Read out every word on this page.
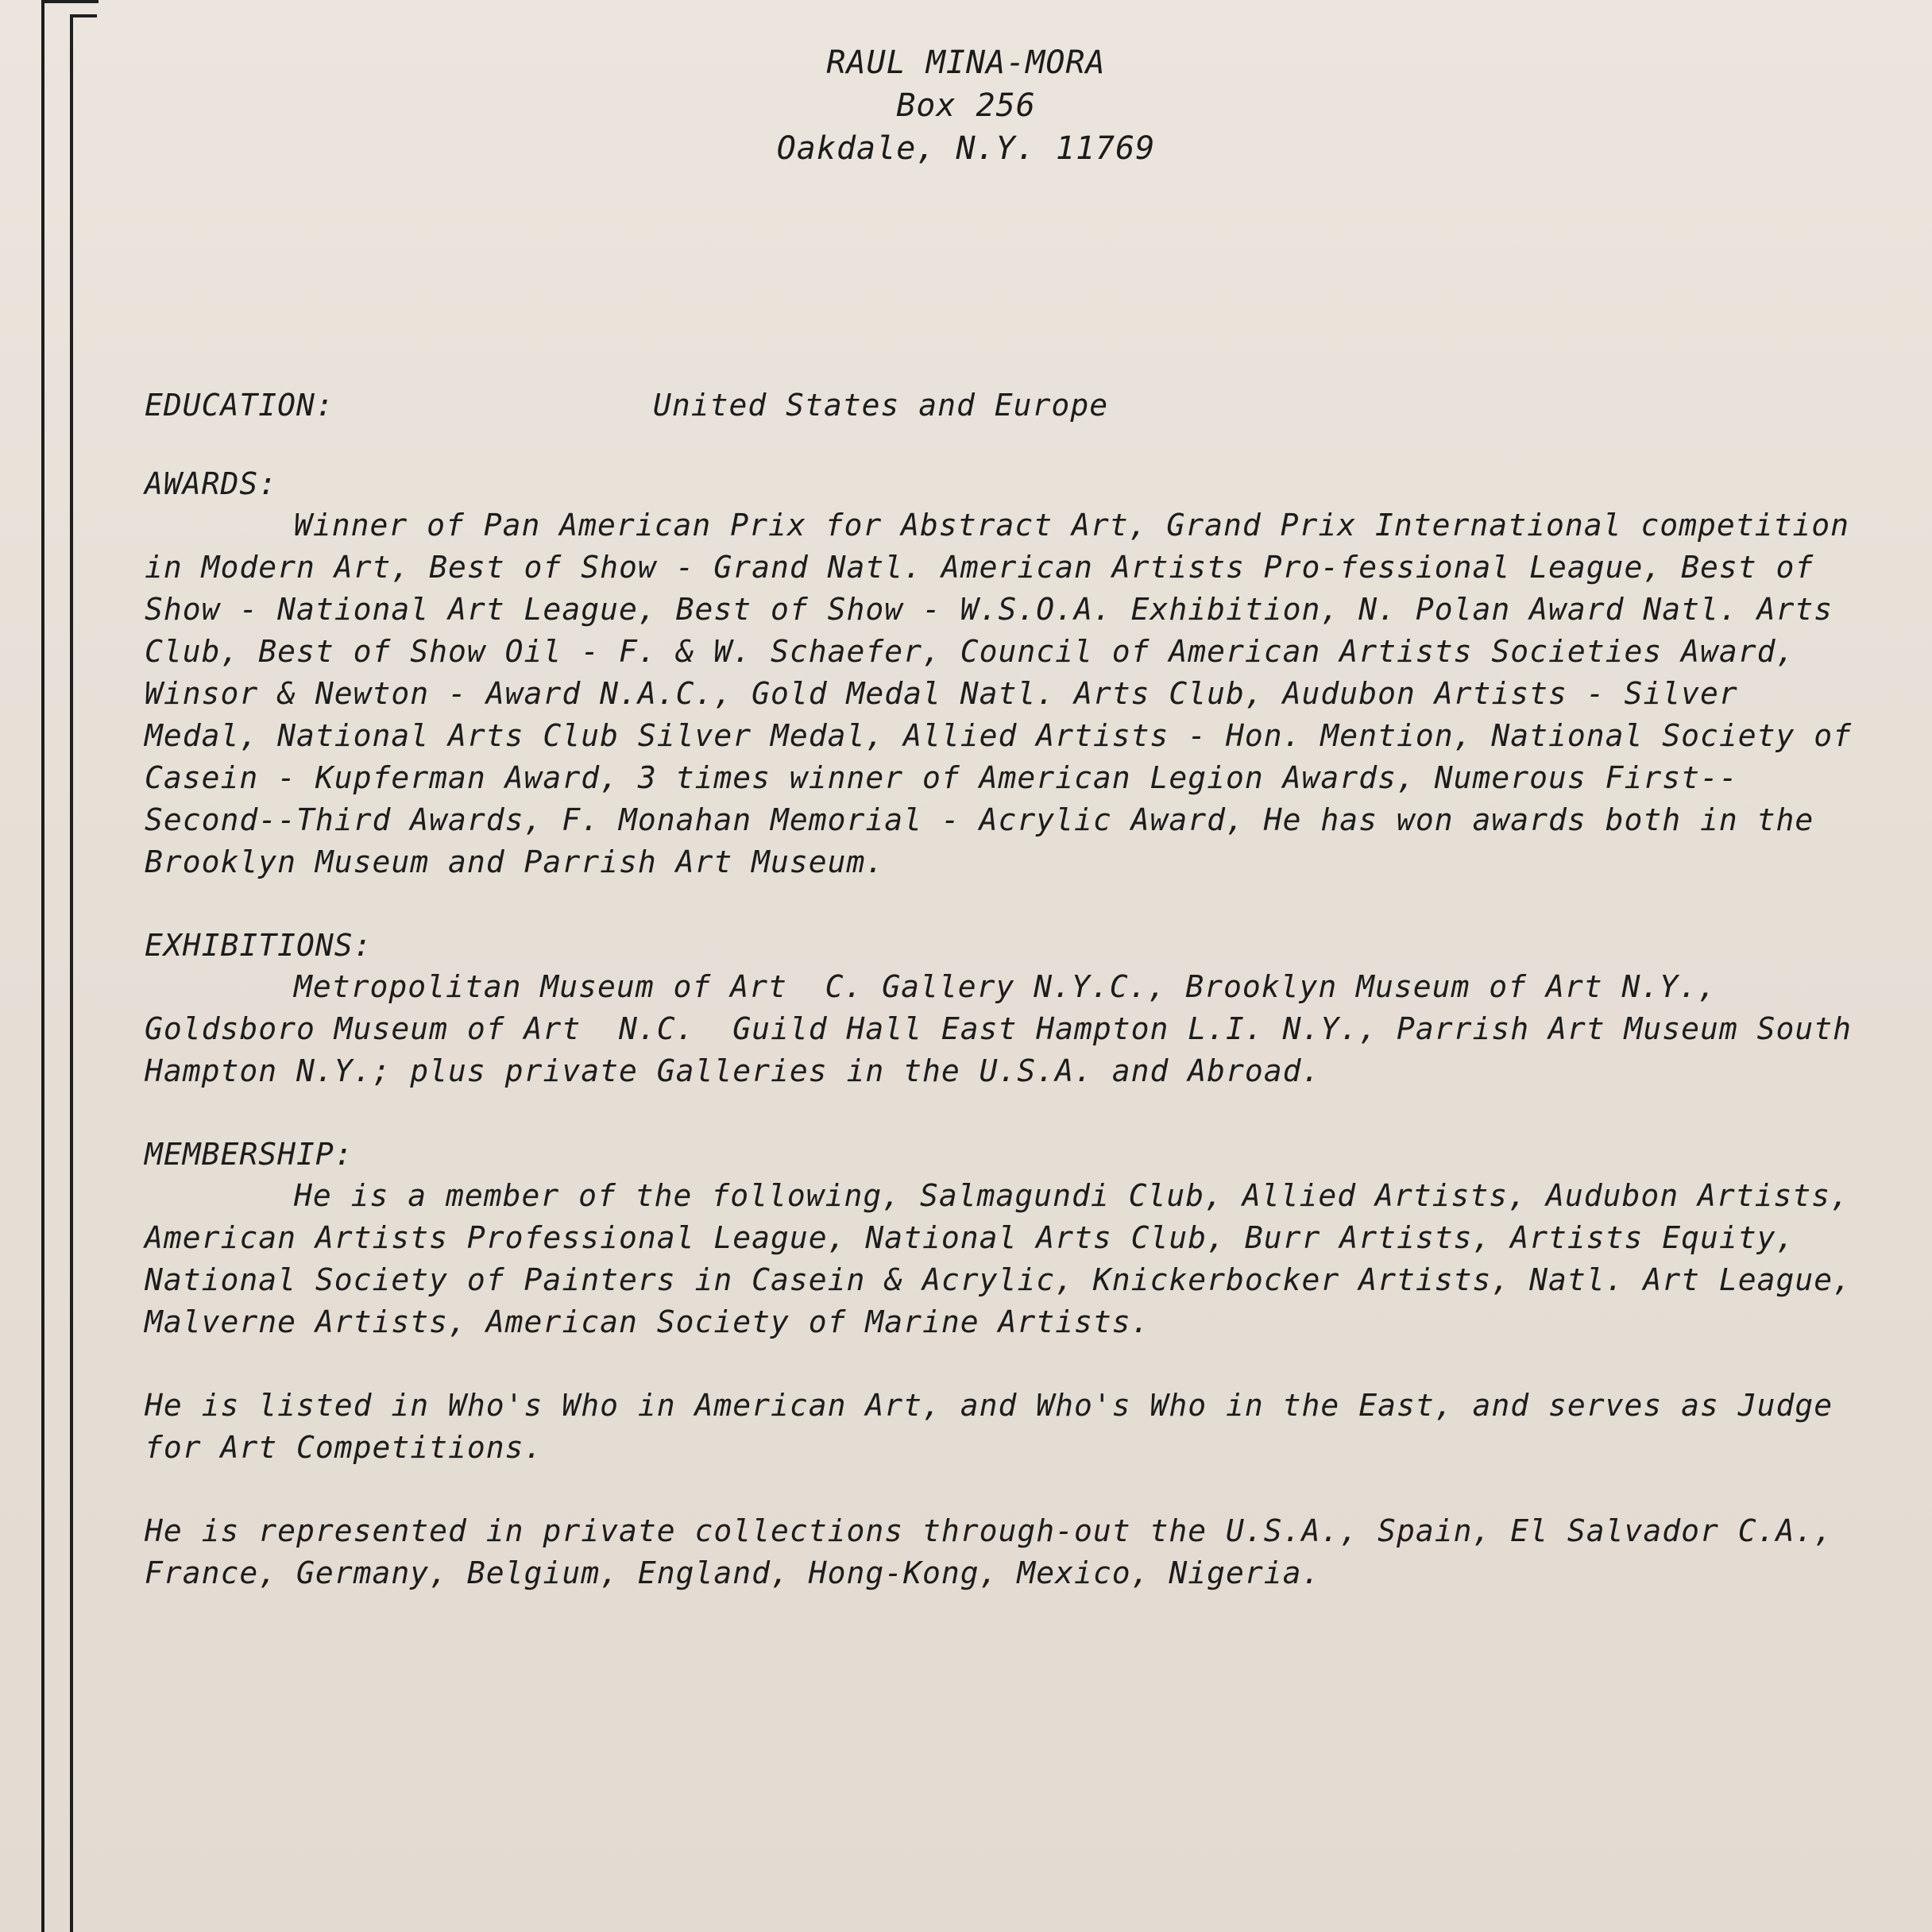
RAUL MINA-MORA
Box 256
Oakdale, N.Y. 11769
EDUCATION:	United States and Europe
AWARDS:

Winner of Pan American Prix for Abstract Art, Grand Prix International competition in Modern Art, Best of Show - Grand Natl. American Artists Pro-fessional League, Best of Show - National Art League, Best of Show - W.S.O.A. Exhibition, N. Polan Award Natl. Arts Club, Best of Show Oil - F. & W. Schaefer, Council of American Artists Societies Award, Winsor & Newton - Award N.A.C., Gold Medal Natl. Arts Club, Audubon Artists - Silver Medal, National Arts Club Silver Medal, Allied Artists - Hon. Mention, National Society of Casein - Kupferman Award, 3 times winner of American Legion Awards, Numerous First--Second--Third Awards, F. Monahan Memorial - Acrylic Award, He has won awards both in the Brooklyn Museum and Parrish Art Museum.

EXHIBITIONS:

Metropolitan Museum of Art  C. Gallery N.Y.C., Brooklyn Museum of Art N.Y., Goldsboro Museum of Art  N.C.  Guild Hall East Hampton L.I. N.Y., Parrish Art Museum South Hampton N.Y.; plus private Galleries in the U.S.A. and Abroad.

MEMBERSHIP:

He is a member of the following, Salmagundi Club, Allied Artists, Audubon Artists, American Artists Professional League, National Arts Club, Burr Artists, Artists Equity, National Society of Painters in Casein & Acrylic, Knickerbocker Artists, Natl. Art League, Malverne Artists, American Society of Marine Artists.

He is listed in Who's Who in American Art, and Who's Who in the East, and serves as Judge for Art Competitions.

He is represented in private collections through-out the U.S.A., Spain, El Salvador C.A., France, Germany, Belgium, England, Hong-Kong, Mexico, Nigeria.
